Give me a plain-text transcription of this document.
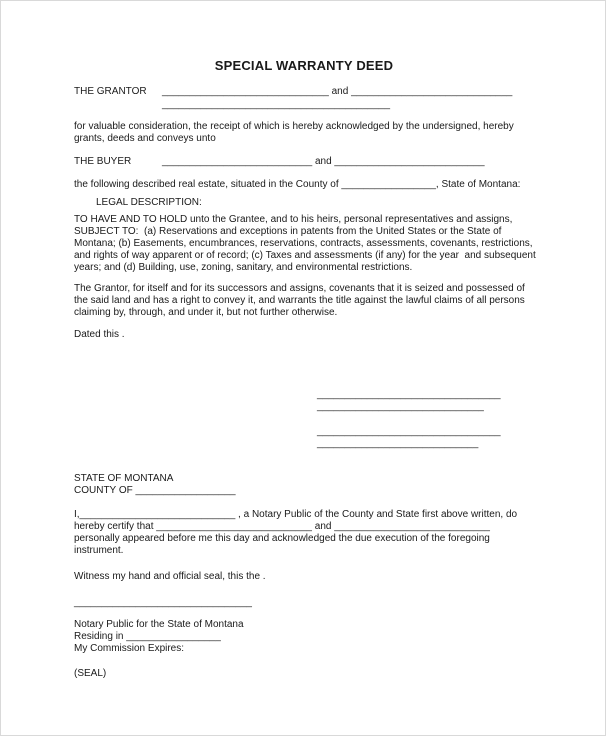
SPECIAL WARRANTY DEED
THE GRANTOR ______________________________ and _____________________________
_________________________________________
for valuable consideration, the receipt of which is hereby acknowledged by the undersigned, hereby
grants, deeds and conveys unto
THE BUYER	___________________________ and ___________________________
the following described real estate, situated in the County of _________________, State of Montana:
LEGAL DESCRIPTION:
TO HAVE AND TO HOLD unto the Grantee, and to his heirs, personal representatives and assigns,
SUBJECT TO:  (a) Reservations and exceptions in patents from the United States or the State of
Montana; (b) Easements, encumbrances, reservations, contracts, assessments, covenants, restrictions,
and rights of way apparent or of record; (c) Taxes and assessments (if any) for the year  and subsequent
years; and (d) Building, use, zoning, sanitary, and environmental restrictions.
The Grantor, for itself and for its successors and assigns, covenants that it is seized and possessed of
the said land and has a right to convey it, and warrants the title against the lawful claims of all persons
claiming by, through, and under it, but not further otherwise.
Dated this .
_________________________________
______________________________
_________________________________
_____________________________
STATE OF MONTANA
COUNTY OF __________________
I,____________________________ , a Notary Public of the County and State first above written, do
hereby certify that ____________________________ and ____________________________
personally appeared before me this day and acknowledged the due execution of the foregoing
instrument.
Witness my hand and official seal, this the .
________________________________
Notary Public for the State of Montana
Residing in _________________
My Commission Expires:
(SEAL)
